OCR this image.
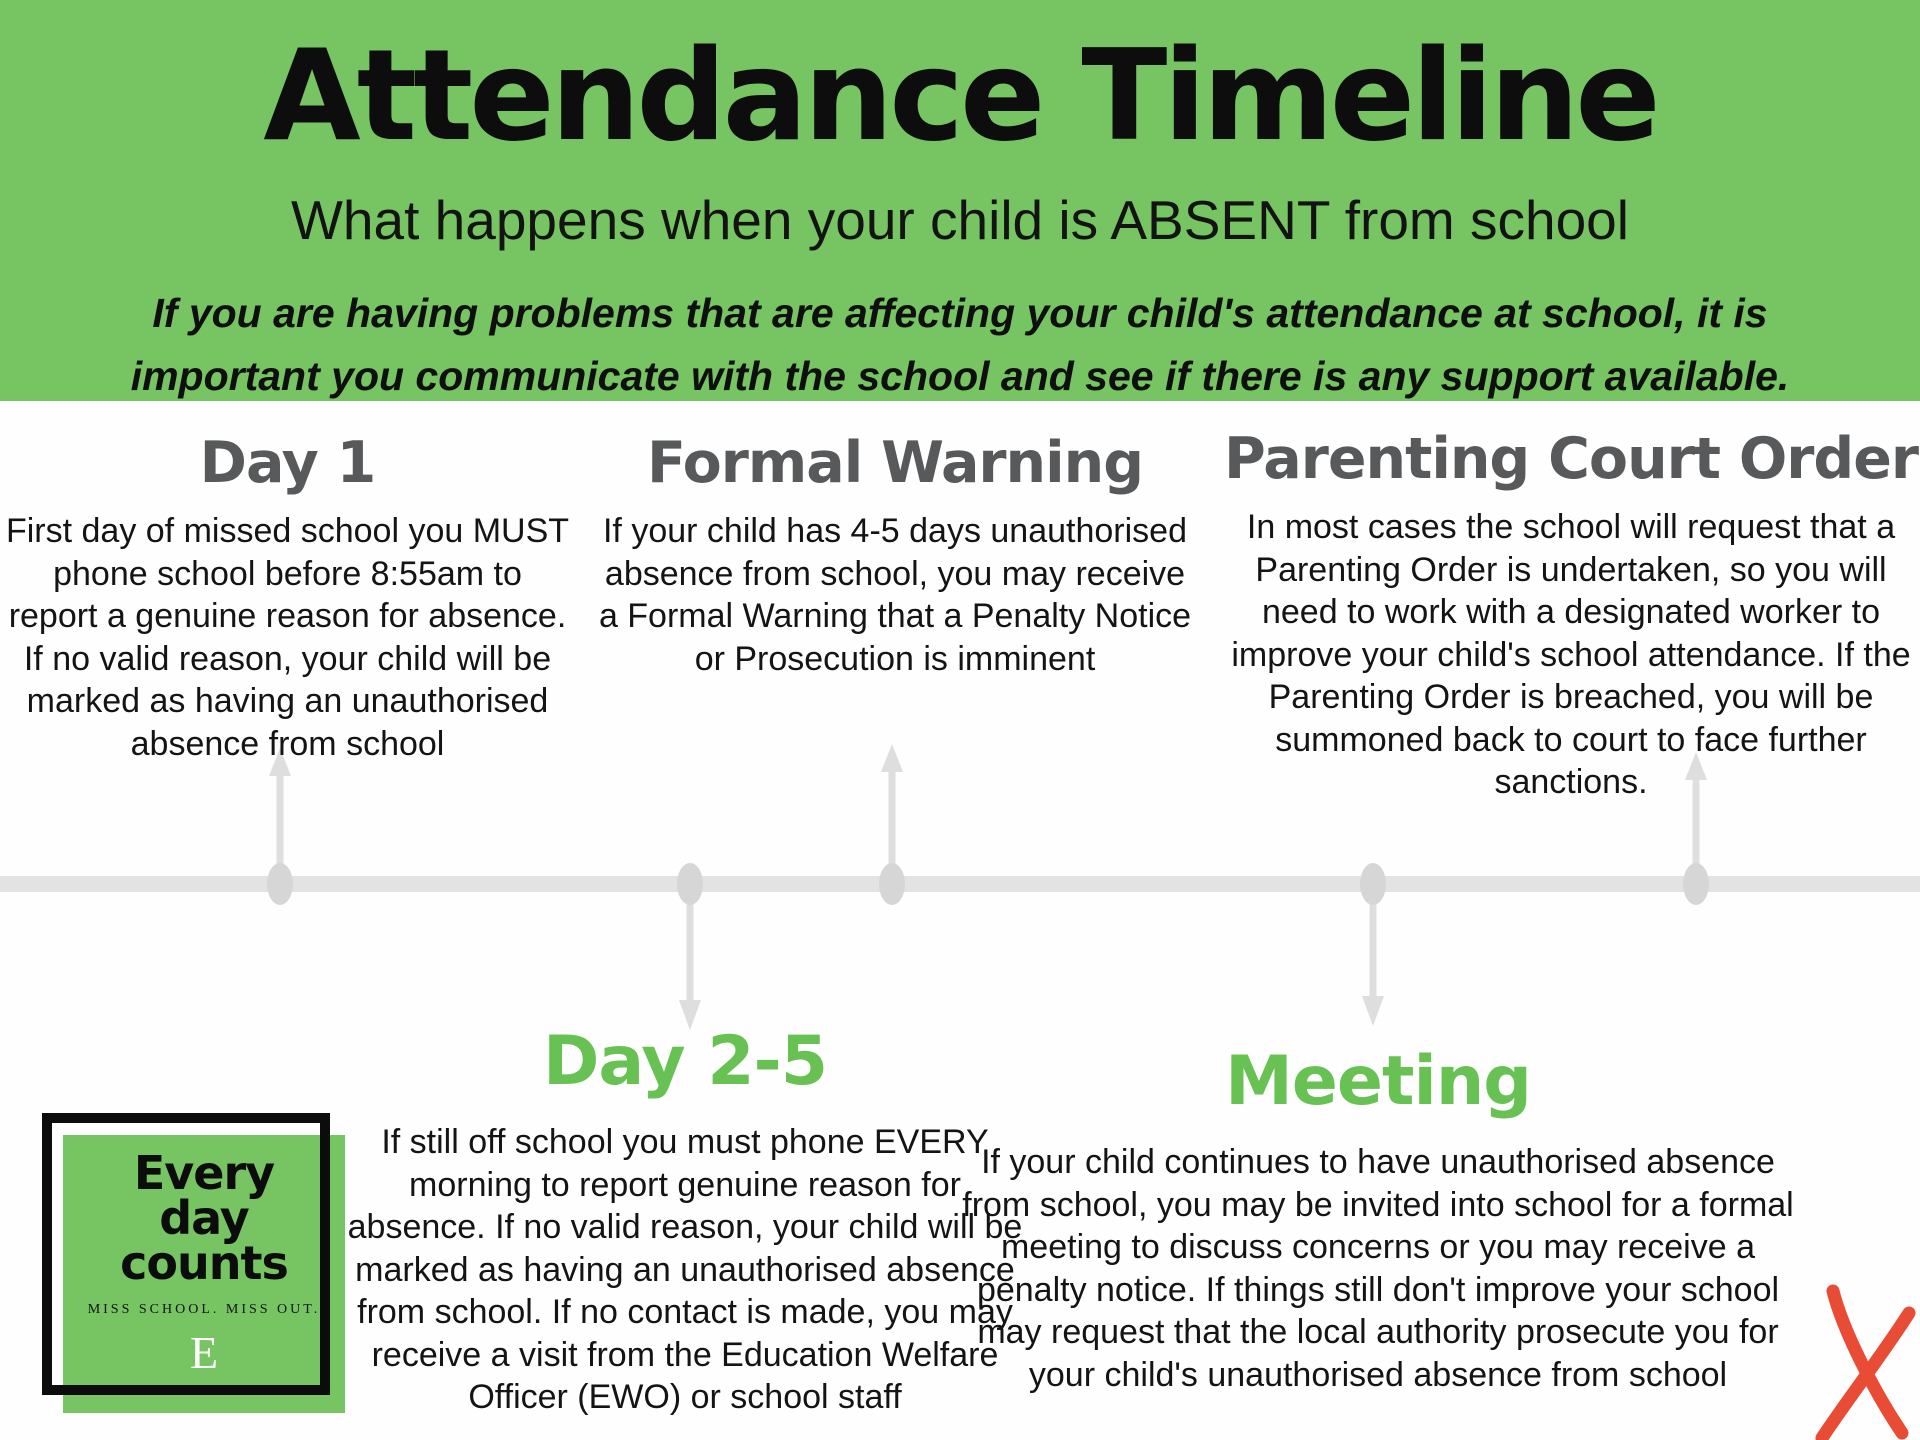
Attendance Timeline
What happens when your child is ABSENT from school
If you are having problems that are affecting your child's attendance at school, it is
important you communicate with the school and see if there is any support available.
Day 1

First day of missed school you MUST phone school before 8:55am to report a genuine reason for absence. If no valid reason, your child will be marked as having an unauthorised absence from school

Formal Warning

If your child has 4-5 days unauthorised absence from school, you may receive a Formal Warning that a Penalty Notice or Prosecution is imminent

Parenting Court Order

In most cases the school will request that a Parenting Order is undertaken, so you will need to work with a designated worker to improve your child's school attendance. If the Parenting Order is breached, you will be summoned back to court to face further sanctions.

Day 2-5

If still off school you must phone EVERY morning to report genuine reason for absence. If no valid reason, your child will be marked as having an unauthorised absence from school. If no contact is made, you may receive a visit from the Education Welfare Officer (EWO) or school staff

Meeting

If your child continues to have unauthorised absence from school, you may be invited into school for a formal meeting to discuss concerns or you may receive a penalty notice. If things still don't improve your school may request that the local authority prosecute you for your child's unauthorised absence from school

Every
day
counts
MISS SCHOOL. MISS OUT.
E
